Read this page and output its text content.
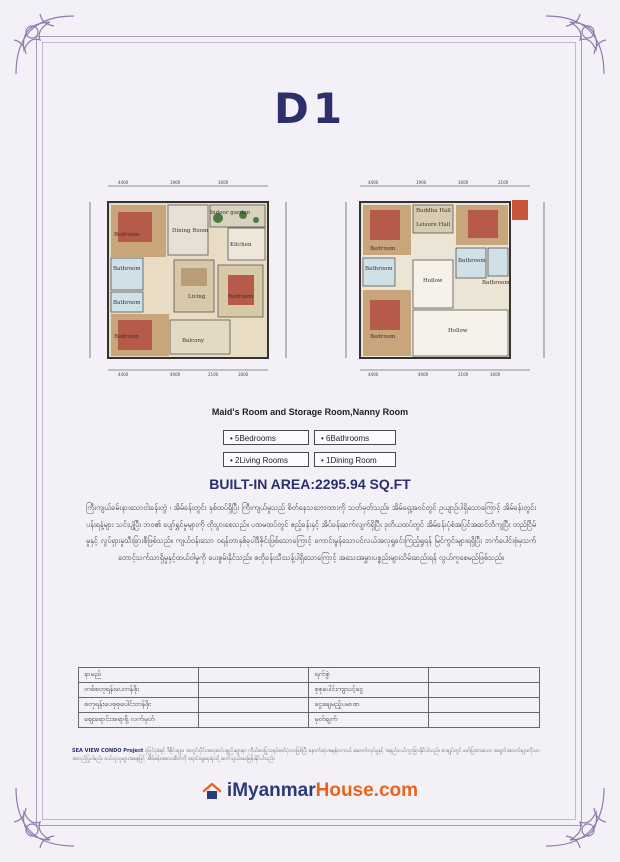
D1
Indoor garden
Dining Room
Kitchen
Bedroom
Bathroom
Living
Bathroom
Bedroom
Bedroom
Balcony
4400	1900	3000
4400	4000	2100	3000
Buddha Hall
Leisure Hall
Bedroom
Bathroom
Hollow
Bathroom
Bedroom
Bathroom
Hollow
4400	1900	3000	2100
4400	4000	2100	3000
Maid's Room and Storage Room,Nanny Room
• 5Bedrooms	• 6Bathrooms
• 2Living Rooms	• 1Dining Room
BUILT-IN AREA:2295.94 SQ.FT
ကြီးကျယ်ခမ်းနားသောငါးခန်းတွဲ ၊ အိမ်ခန်းတွင်း နှစ်ထပ်ရှိပြီး ကြီးကျယ်မှုသည် စိတ်နေသဘောထားကို သတ်မှတ်သည်။ အိမ်ရှေ့အဝင်တွင် ဥယျာဉ်ပါရှိသောကြောင့် အိမ်ခန်းတွင်း ပန်းရနံ့များ သင်းပျံ့ပြီး ဘဝ၏ ပျော်ရွှင်မှုများကို တိုးပွားစေသည်။ ပထမထပ်တွင် ဧည့်ခန်းနှင့် အိပ်ခန်းဆက်လျက်ရှိပြီး ဒုတိယထပ်တွင် အိမ်ခန်းပုံစံအပြင်အဆင်တိကျပြီး တည်ငြိမ်မှုနှင့် လွပ်ရှားမှုသီးခြားစီဖြစ်သည်။ ကျယ်ဝန်းသော ဝရန်တာနှစ်ခုပါဒီဇိုင်းဖြစ်သောကြောင့် ကောင်းမွန်သောပင်လယ်အလှရှုခင်းကြည့်ရှုရန် မြင်ကွင်းများရရှိပြီး ဘက်ပေါင်းစုံမှသက်တောင့်သက်သာရှိမှုနှင့်ထယ်ဝါမှုကို ပေးစွမ်းနိုင်သည်။ စတိုခန်းသီးသန့်ပါရှိသောကြောင့် အသေးအမွှားပစ္စည်းများသိမ်းဆည်းရန် လွယ်ကူစေမည်ဖြစ်သည်။
နာမည်		ရက်စွဲ	
တစ်စတုရန်းပေတန်ဖိုး		စုစုပေါင်းကျသင့်ငွေ	
စတုရန်းပေစုစုပေါင်းတန်ဖိုး		ငွေချေမည့်ပမာဏ	
ဈေးရောင်းအရာရှိ လက်မှတ်		မှတ်ချက်	
SEA VIEW CONDO Project ပုံပြင်ပုံစံနှင့် ဒီဇိုင်းများ၊ အတွင်းပိုင်းအလှဆင်ပစ္စည်းများမှာ ကိုယ်စားပြုသရုပ်ဖော်ပုံသာဖြစ်ပြီး နောက်ဆုံးအမှန်တကယ် ဆောက်လုပ်မှုနှင့် အနည်းငယ်ကွာခြားနိုင်ပါသည်။ စာချုပ်တွင် ဖော်ပြထားသော အချက်အလက်များကိုသာ အတည်ပြုပါမည်။ ဝယ်ယူသူများအနေဖြင့် အိမ်ခန်းအသေးစိတ်ကို ရောင်းချရေးရုံးသို့ ဆက်သွယ်မေးမြန်းနိုင်ပါသည်။
iMyanmarHouse.com
